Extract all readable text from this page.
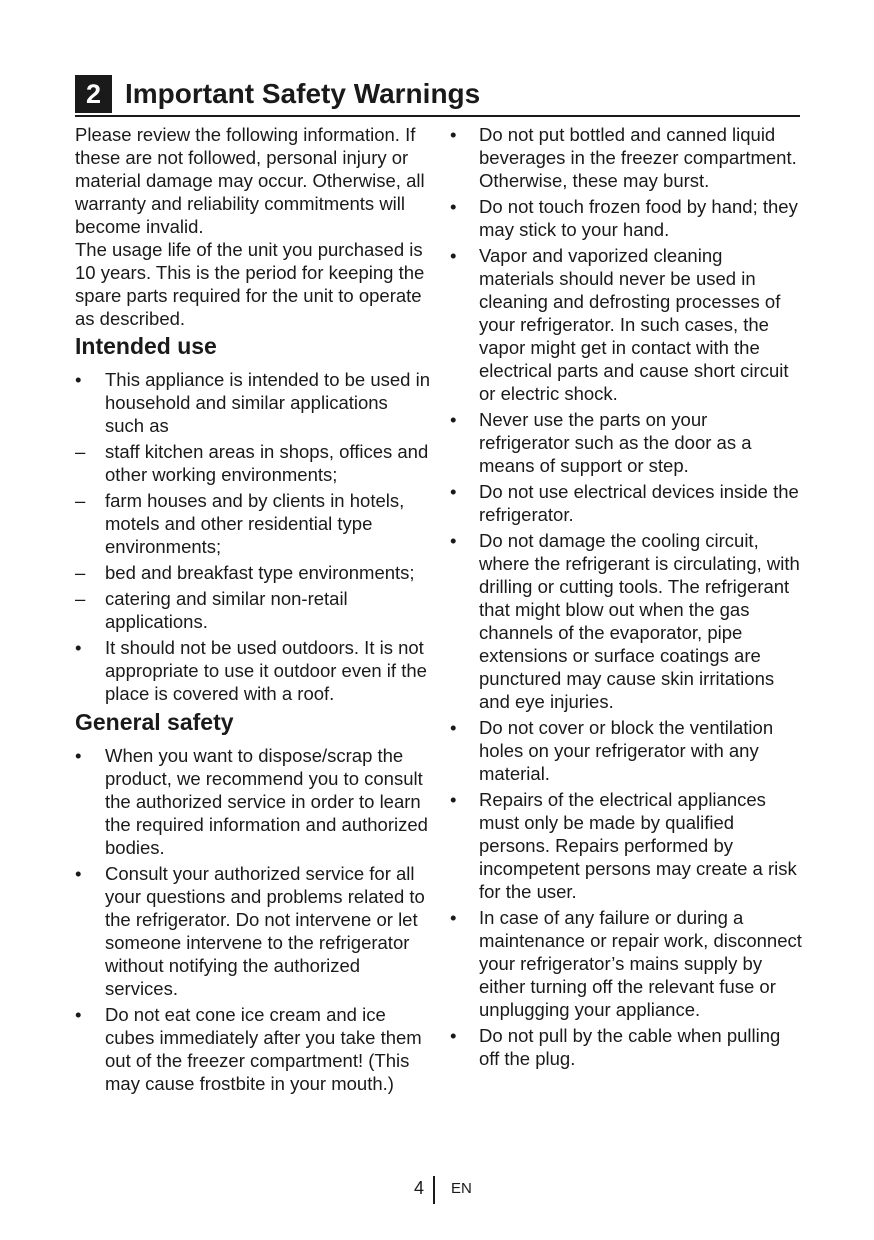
2 Important Safety Warnings

Please review the following information. If these are not followed, personal injury or material damage may occur. Otherwise, all warranty and reliability commitments will become invalid.

The usage life of the unit you purchased is 10 years. This is the period for keeping the spare parts required for the unit to operate as described.

Intended use
•	This appliance is intended to be used in household and similar applications such as
–	staff kitchen areas in shops, offices and other working environments;
–	farm houses and by clients in hotels, motels and other residential type environments;
–	bed and breakfast type environments;
–	catering and similar non-retail applications.
•	It should not be used outdoors. It is not appropriate to use it outdoor even if the place is covered with a roof.
General safety
•	When you want to dispose/scrap the product, we recommend you to consult the authorized service in order to learn the required information and authorized bodies.
•	Consult your authorized service for all your questions and problems related to the refrigerator. Do not intervene or let someone intervene to the refrigerator without notifying the authorized services.
•	Do not eat cone ice cream and ice cubes immediately after you take them out of the freezer compartment! (This may cause frostbite in your mouth.)
•	Do not put bottled and canned liquid beverages in the freezer compartment. Otherwise, these may burst.
•	Do not touch frozen food by hand; they may stick to your hand.
•	Vapor and vaporized cleaning materials should never be used in cleaning and defrosting processes of your refrigerator. In such cases, the vapor might get in contact with the electrical parts and cause short circuit or electric shock.
•	Never use the parts on your refrigerator such as the door as a means of support or step.
•	Do not use electrical devices inside the refrigerator.
•	Do not damage the cooling circuit, where the refrigerant is circulating, with drilling or cutting tools. The refrigerant that might blow out when the gas channels of the evaporator, pipe extensions or surface coatings are punctured may cause skin irritations and eye injuries.
•	Do not cover or block the ventilation holes on your refrigerator with any material.
•	Repairs of the electrical appliances must only be made by qualified persons. Repairs performed by incompetent persons may create a risk for the user.
•	In case of any failure or during a maintenance or repair work, disconnect your refrigerator’s mains supply by either turning off the relevant fuse or unplugging your appliance.
•	Do not pull by the cable when pulling off the plug.
4 EN
